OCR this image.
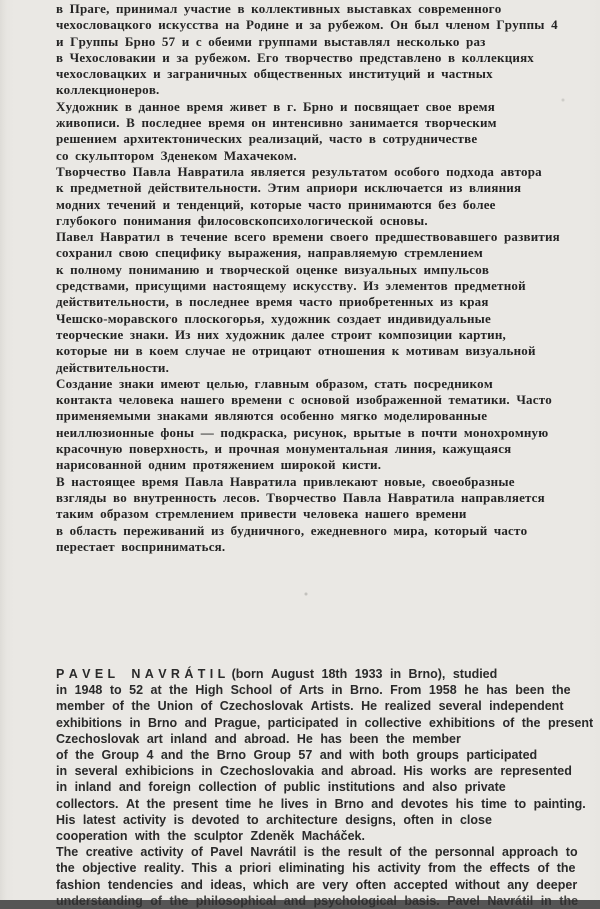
в Праге, принимал участие в коллективных выставках современного
чехословацкого искусства на Родине и за рубежом. Он был членом Группы 4
и Группы Брно 57 и с обеими группами выставлял несколько раз
в Чехословакии и за рубежом. Его творчество представлено в коллекциях
чехословацких и заграничных общественных институций и частных
коллекционеров.
Художник в данное время живет в г. Брно и посвящает свое время
живописи. В последнее время он интенсивно занимается творческим
решением архитектонических реализаций, часто в сотрудничестве
со скульптором Зденеком Махачеком.
Творчество Павла Навратила является результатом особого подхода автора
к предметной действительности. Этим априори исключается из влияния
модних течений и тенденций, которые часто принимаются без более
глубокого понимания филосовскопсихологической основы.
Павел Навратил в течение всего времени своего предшествовавшего развития
сохранил свою специфику выражения, направляемую стремлением
к полному пониманию и творческой оценке визуальных импульсов
средствами, присущими настоящему искусству. Из элементов предметной
действительности, в последнее время часто приобретенных из края
Чешско-моравского плоскогорья, художник создает индивидуальные
теорческие знаки. Из них художник далее строит композиции картин,
которые ни в коем случае не отрицают отношения к мотивам визуальной
действительности.
Создание знаки имеют целью, главным образом, стать посредником
контакта человека нашего времени с основой изображенной тематики. Часто
применяемыми знаками являются особенно мягко моделированные
неиллюзионные фоны — подкраска, рисунок, врытые в почти монохромную
красочную поверхность, и прочная монументальная линия, кажущаяся
нарисованной одним протяжением широкой кисти.
В настоящее время Павла Навратила привлекают новые, своеобразные
взгляды во внутренность лесов. Творчество Павла Навратила направляется
таким образом стремлением привести человека нашего времени
в область переживаний из будничного, ежедневного мира, который часто
перестает восприниматься.
PAVEL NAVRÁTIL (born August 18th 1933 in Brno), studied
in 1948 to 52 at the High School of Arts in Brno. From 1958 he has been the
member of the Union of Czechoslovak Artists. He realized several independent
exhibitions in Brno and Prague, participated in collective exhibitions of the present
Czechoslovak art inland and abroad. He has been the member
of the Group 4 and the Brno Group 57 and with both groups participated
in several exhibicions in Czechoslovakia and abroad. His works are represented
in inland and foreign collection of public institutions and also private
collectors. At the present time he lives in Brno and devotes his time to painting.
His latest activity is devoted to architecture designs, often in close
cooperation with the sculptor Zdeněk Macháček.
The creative activity of Pavel Navrátil is the result of the personnal approach to
the objective reality. This a priori eliminating his activity from the effects of the
fashion tendencies and ideas, which are very often accepted without any deeper
understanding of the philosophical and psychological basis. Pavel Navrátil in the
